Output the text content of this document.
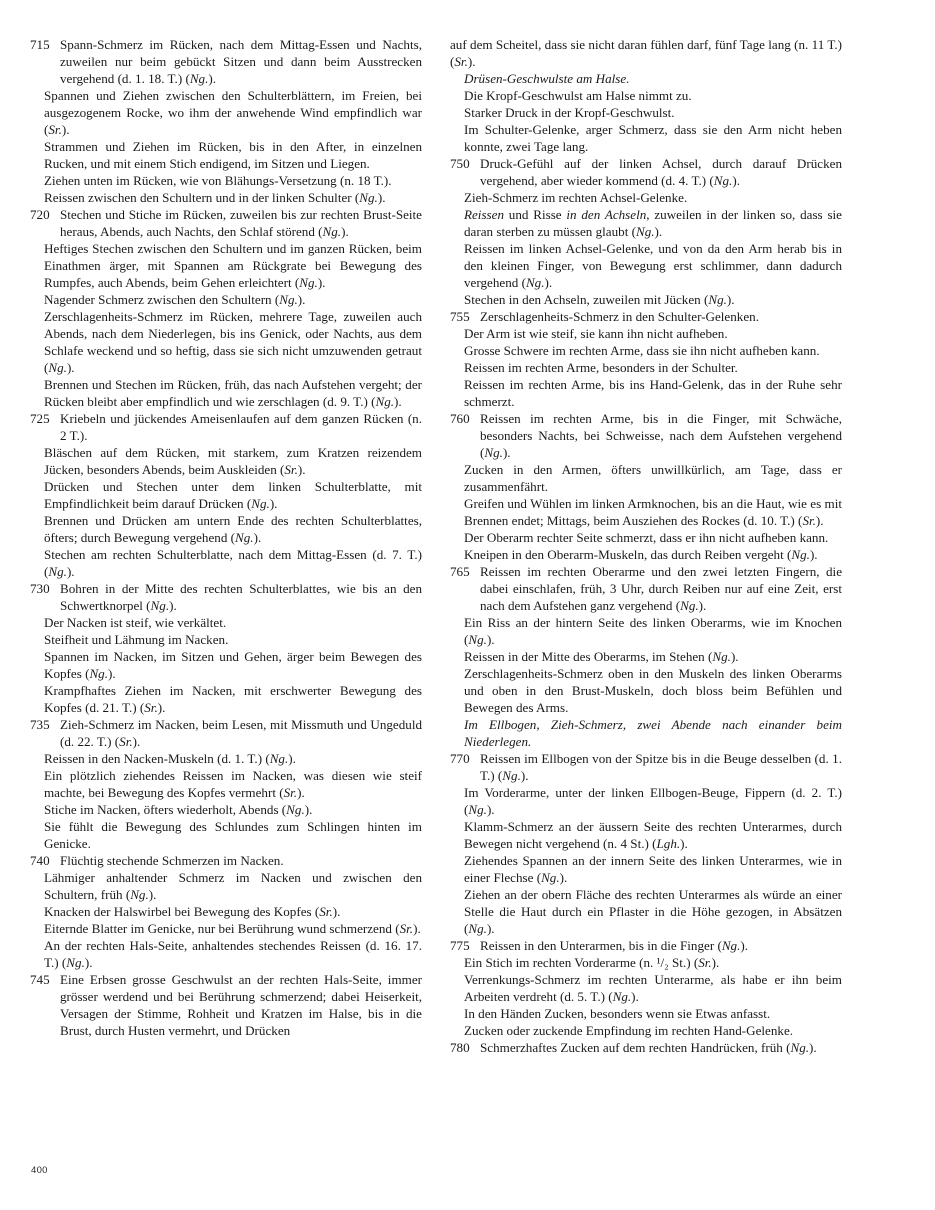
715 Spann-Schmerz im Rücken, nach dem Mittag-Essen und Nachts, zuweilen nur beim gebückt Sitzen und dann beim Ausstrecken vergehend (d. 1. 18. T.) (Ng.).

Spannen und Ziehen zwischen den Schulterblättern, im Freien, bei ausgezogenem Rocke, wo ihm der anwehende Wind empfindlich war (Sr.).

Strammen und Ziehen im Rücken, bis in den After, in einzelnen Rucken, und mit einem Stich endigend, im Sitzen und Liegen.

Ziehen unten im Rücken, wie von Blähungs-Versetzung (n. 18 T.).

Reissen zwischen den Schultern und in der linken Schulter (Ng.).

720 Stechen und Stiche im Rücken, zuweilen bis zur rechten Brust-Seite heraus, Abends, auch Nachts, den Schlaf störend (Ng.).

Heftiges Stechen zwischen den Schultern und im ganzen Rücken, beim Einathmen ärger, mit Spannen am Rückgrate bei Bewegung des Rumpfes, auch Abends, beim Gehen erleichtert (Ng.).

Nagender Schmerz zwischen den Schultern (Ng.).

Zerschlagenheits-Schmerz im Rücken, mehrere Tage, zuweilen auch Abends, nach dem Niederlegen, bis ins Genick, oder Nachts, aus dem Schlafe weckend und so heftig, dass sie sich nicht umzuwenden getraut (Ng.).

Brennen und Stechen im Rücken, früh, das nach Aufstehen vergeht; der Rücken bleibt aber empfindlich und wie zerschlagen (d. 9. T.) (Ng.).

725 Kriebeln und jückendes Ameisenlaufen auf dem ganzen Rücken (n. 2 T.).

Bläschen auf dem Rücken, mit starkem, zum Kratzen reizendem Jücken, besonders Abends, beim Auskleiden (Sr.).

Drücken und Stechen unter dem linken Schulterblatte, mit Empfindlichkeit beim darauf Drücken (Ng.).

Brennen und Drücken am untern Ende des rechten Schulterblattes, öfters; durch Bewegung vergehend (Ng.).

Stechen am rechten Schulterblatte, nach dem Mittag-Essen (d. 7. T.) (Ng.).

730 Bohren in der Mitte des rechten Schulterblattes, wie bis an den Schwertknorpel (Ng.).

Der Nacken ist steif, wie verkältet.

Steifheit und Lähmung im Nacken.

Spannen im Nacken, im Sitzen und Gehen, ärger beim Bewegen des Kopfes (Ng.).

Krampfhaftes Ziehen im Nacken, mit erschwerter Bewegung des Kopfes (d. 21. T.) (Sr.).

735 Zieh-Schmerz im Nacken, beim Lesen, mit Missmuth und Ungeduld (d. 22. T.) (Sr.).

Reissen in den Nacken-Muskeln (d. 1. T.) (Ng.).

Ein plötzlich ziehendes Reissen im Nacken, was diesen wie steif machte, bei Bewegung des Kopfes vermehrt (Sr.).

Stiche im Nacken, öfters wiederholt, Abends (Ng.).

Sie fühlt die Bewegung des Schlundes zum Schlingen hinten im Genicke.

740 Flüchtig stechende Schmerzen im Nacken.

Lähmiger anhaltender Schmerz im Nacken und zwischen den Schultern, früh (Ng.).

Knacken der Halswirbel bei Bewegung des Kopfes (Sr.).

Eiternde Blatter im Genicke, nur bei Berührung wund schmerzend (Sr.).

An der rechten Hals-Seite, anhaltendes stechendes Reissen (d. 16. 17. T.) (Ng.).

745 Eine Erbsen grosse Geschwulst an der rechten Hals-Seite, immer grösser werdend und bei Berührung schmerzend; dabei Heiserkeit, Versagen der Stimme, Rohheit und Kratzen im Halse, bis in die Brust, durch Husten vermehrt, und Drücken

auf dem Scheitel, dass sie nicht daran fühlen darf, fünf Tage lang (n. 11 T.) (Sr.).

Drüsen-Geschwulste am Halse.

Die Kropf-Geschwulst am Halse nimmt zu.

Starker Druck in der Kropf-Geschwulst.

Im Schulter-Gelenke, arger Schmerz, dass sie den Arm nicht heben konnte, zwei Tage lang.

750 Druck-Gefühl auf der linken Achsel, durch darauf Drücken vergehend, aber wieder kommend (d. 4. T.) (Ng.).

Zieh-Schmerz im rechten Achsel-Gelenke.

Reissen und Risse in den Achseln, zuweilen in der linken so, dass sie daran sterben zu müssen glaubt (Ng.).

Reissen im linken Achsel-Gelenke, und von da den Arm herab bis in den kleinen Finger, von Bewegung erst schlimmer, dann dadurch vergehend (Ng.).

Stechen in den Achseln, zuweilen mit Jücken (Ng.).

755 Zerschlagenheits-Schmerz in den Schulter-Gelenken.

Der Arm ist wie steif, sie kann ihn nicht aufheben.

Grosse Schwere im rechten Arme, dass sie ihn nicht aufheben kann.

Reissen im rechten Arme, besonders in der Schulter.

Reissen im rechten Arme, bis ins Hand-Gelenk, das in der Ruhe sehr schmerzt.

760 Reissen im rechten Arme, bis in die Finger, mit Schwäche, besonders Nachts, bei Schweisse, nach dem Aufstehen vergehend (Ng.).

Zucken in den Armen, öfters unwillkürlich, am Tage, dass er zusammenfährt.

Greifen und Wühlen im linken Armknochen, bis an die Haut, wie es mit Brennen endet; Mittags, beim Ausziehen des Rockes (d. 10. T.) (Sr.).

Der Oberarm rechter Seite schmerzt, dass er ihn nicht aufheben kann.

Kneipen in den Oberarm-Muskeln, das durch Reiben vergeht (Ng.).

765 Reissen im rechten Oberarme und den zwei letzten Fingern, die dabei einschlafen, früh, 3 Uhr, durch Reiben nur auf eine Zeit, erst nach dem Aufstehen ganz vergehend (Ng.).

Ein Riss an der hintern Seite des linken Oberarms, wie im Knochen (Ng.).

Reissen in der Mitte des Oberarms, im Stehen (Ng.).

Zerschlagenheits-Schmerz oben in den Muskeln des linken Oberarms und oben in den Brust-Muskeln, doch bloss beim Befühlen und Bewegen des Arms.

Im Ellbogen, Zieh-Schmerz, zwei Abende nach einander beim Niederlegen.

770 Reissen im Ellbogen von der Spitze bis in die Beuge desselben (d. 1. T.) (Ng.).

Im Vorderarme, unter der linken Ellbogen-Beuge, Fippern (d. 2. T.) (Ng.).

Klamm-Schmerz an der äussern Seite des rechten Unterarmes, durch Bewegen nicht vergehend (n. 4 St.) (Lgh.).

Ziehendes Spannen an der innern Seite des linken Unterarmes, wie in einer Flechse (Ng.).

Ziehen an der obern Fläche des rechten Unterarmes als würde an einer Stelle die Haut durch ein Pflaster in die Höhe gezogen, in Absätzen (Ng.).

775 Reissen in den Unterarmen, bis in die Finger (Ng.).

Ein Stich im rechten Vorderarme (n. ¹/₂ St.) (Sr.).

Verrenkungs-Schmerz im rechten Unterarme, als habe er ihn beim Arbeiten verdreht (d. 5. T.) (Ng.).

In den Händen Zucken, besonders wenn sie Etwas anfasst.

Zucken oder zuckende Empfindung im rechten Hand-Gelenke.

780 Schmerzhaftes Zucken auf dem rechten Handrücken, früh (Ng.).

400
